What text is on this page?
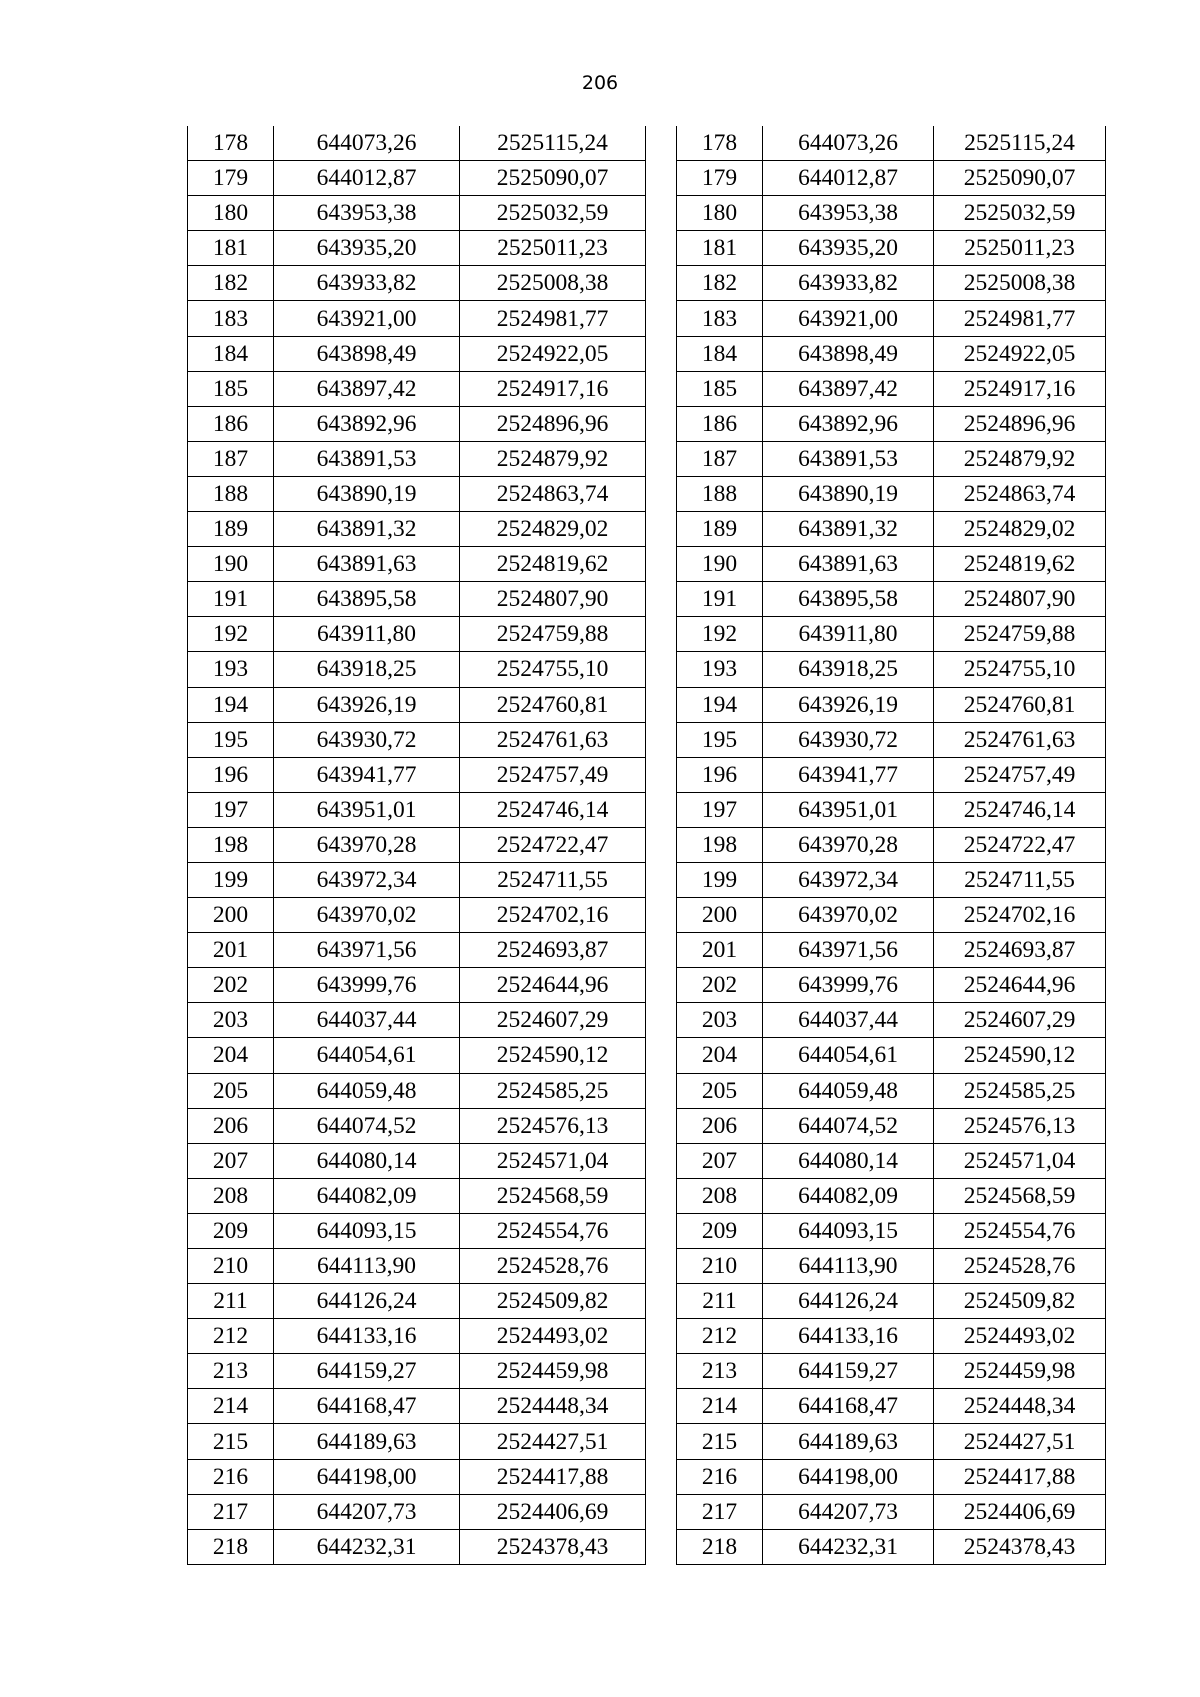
206
178	644073,26	2525115,24
179	644012,87	2525090,07
180	643953,38	2525032,59
181	643935,20	2525011,23
182	643933,82	2525008,38
183	643921,00	2524981,77
184	643898,49	2524922,05
185	643897,42	2524917,16
186	643892,96	2524896,96
187	643891,53	2524879,92
188	643890,19	2524863,74
189	643891,32	2524829,02
190	643891,63	2524819,62
191	643895,58	2524807,90
192	643911,80	2524759,88
193	643918,25	2524755,10
194	643926,19	2524760,81
195	643930,72	2524761,63
196	643941,77	2524757,49
197	643951,01	2524746,14
198	643970,28	2524722,47
199	643972,34	2524711,55
200	643970,02	2524702,16
201	643971,56	2524693,87
202	643999,76	2524644,96
203	644037,44	2524607,29
204	644054,61	2524590,12
205	644059,48	2524585,25
206	644074,52	2524576,13
207	644080,14	2524571,04
208	644082,09	2524568,59
209	644093,15	2524554,76
210	644113,90	2524528,76
211	644126,24	2524509,82
212	644133,16	2524493,02
213	644159,27	2524459,98
214	644168,47	2524448,34
215	644189,63	2524427,51
216	644198,00	2524417,88
217	644207,73	2524406,69
218	644232,31	2524378,43
178	644073,26	2525115,24
179	644012,87	2525090,07
180	643953,38	2525032,59
181	643935,20	2525011,23
182	643933,82	2525008,38
183	643921,00	2524981,77
184	643898,49	2524922,05
185	643897,42	2524917,16
186	643892,96	2524896,96
187	643891,53	2524879,92
188	643890,19	2524863,74
189	643891,32	2524829,02
190	643891,63	2524819,62
191	643895,58	2524807,90
192	643911,80	2524759,88
193	643918,25	2524755,10
194	643926,19	2524760,81
195	643930,72	2524761,63
196	643941,77	2524757,49
197	643951,01	2524746,14
198	643970,28	2524722,47
199	643972,34	2524711,55
200	643970,02	2524702,16
201	643971,56	2524693,87
202	643999,76	2524644,96
203	644037,44	2524607,29
204	644054,61	2524590,12
205	644059,48	2524585,25
206	644074,52	2524576,13
207	644080,14	2524571,04
208	644082,09	2524568,59
209	644093,15	2524554,76
210	644113,90	2524528,76
211	644126,24	2524509,82
212	644133,16	2524493,02
213	644159,27	2524459,98
214	644168,47	2524448,34
215	644189,63	2524427,51
216	644198,00	2524417,88
217	644207,73	2524406,69
218	644232,31	2524378,43
